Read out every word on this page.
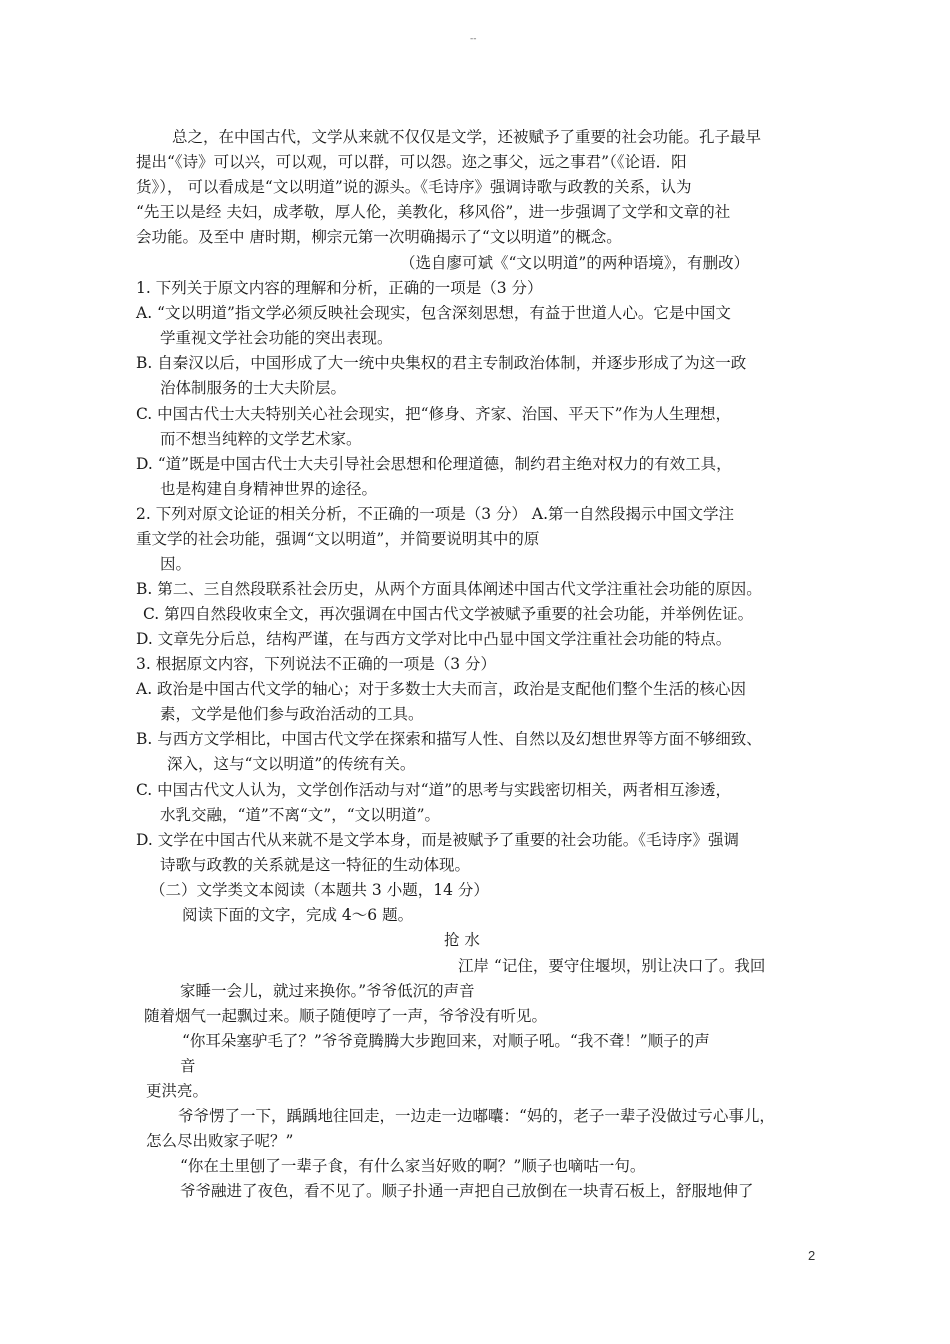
--
总之，在中国古代，文学从来就不仅仅是文学，还被赋予了重要的社会功能。孔子最早
提出“《诗》可以兴，可以观，可以群，可以怨。迩之事父，远之事君”（《论语．阳
货》）， 可以看成是“文以明道”说的源头。《毛诗序》强调诗歌与政教的关系，认为
“先王以是经 夫妇，成孝敬，厚人伦，美教化，移风俗”，进一步强调了文学和文章的社
会功能。及至中 唐时期，柳宗元第一次明确揭示了“文以明道”的概念。
（选自廖可斌《“文以明道”的两种语境》，有删改）
1. 下列关于原文内容的理解和分析，正确的一项是（3 分）
A. “文以明道”指文学必须反映社会现实，包含深刻思想，有益于世道人心。它是中国文
学重视文学社会功能的突出表现。
B. 自秦汉以后，中国形成了大一统中央集权的君主专制政治体制，并逐步形成了为这一政
治体制服务的士大夫阶层。
C. 中国古代士大夫特别关心社会现实，把“修身、齐家、治国、平天下”作为人生理想，
而不想当纯粹的文学艺术家。
D. “道”既是中国古代士大夫引导社会思想和伦理道德，制约君主绝对权力的有效工具，
也是构建自身精神世界的途径。
2. 下列对原文论证的相关分析，不正确的一项是（3 分） A.第一自然段揭示中国文学注
重文学的社会功能，强调“文以明道”，并简要说明其中的原
因。
B. 第二、三自然段联系社会历史，从两个方面具体阐述中国古代文学注重社会功能的原因。
C. 第四自然段收束全文，再次强调在中国古代文学被赋予重要的社会功能，并举例佐证。
D. 文章先分后总，结构严谨，在与西方文学对比中凸显中国文学注重社会功能的特点。
3. 根据原文内容，下列说法不正确的一项是（3 分）
A. 政治是中国古代文学的轴心；对于多数士大夫而言，政治是支配他们整个生活的核心因
素，文学是他们参与政治活动的工具。
B. 与西方文学相比，中国古代文学在探索和描写人性、自然以及幻想世界等方面不够细致、
深入，这与“文以明道”的传统有关。
C. 中国古代文人认为，文学创作活动与对“道”的思考与实践密切相关，两者相互渗透，
水乳交融，“道”不离“文”，“文以明道”。
D. 文学在中国古代从来就不是文学本身，而是被赋予了重要的社会功能。《毛诗序》强调
诗歌与政教的关系就是这一特征的生动体现。
（二）文学类文本阅读（本题共 3 小题，14 分）
阅读下面的文字，完成 4～6 题。
抢 水
江岸 “记住，要守住堰坝，别让决口了。我回
家睡一会儿，就过来换你。”爷爷低沉的声音
随着烟气一起飘过来。顺子随便哼了一声，爷爷没有听见。
“你耳朵塞驴毛了？”爷爷竟腾腾大步跑回来，对顺子吼。“我不聋！”顺子的声
音
更洪亮。
爷爷愣了一下，踽踽地往回走，一边走一边嘟囔：“妈的，老子一辈子没做过亏心事儿，
怎么尽出败家子呢？”
“你在土里刨了一辈子食，有什么家当好败的啊？”顺子也嘀咕一句。
爷爷融进了夜色，看不见了。顺子扑通一声把自己放倒在一块青石板上，舒服地伸了
2
